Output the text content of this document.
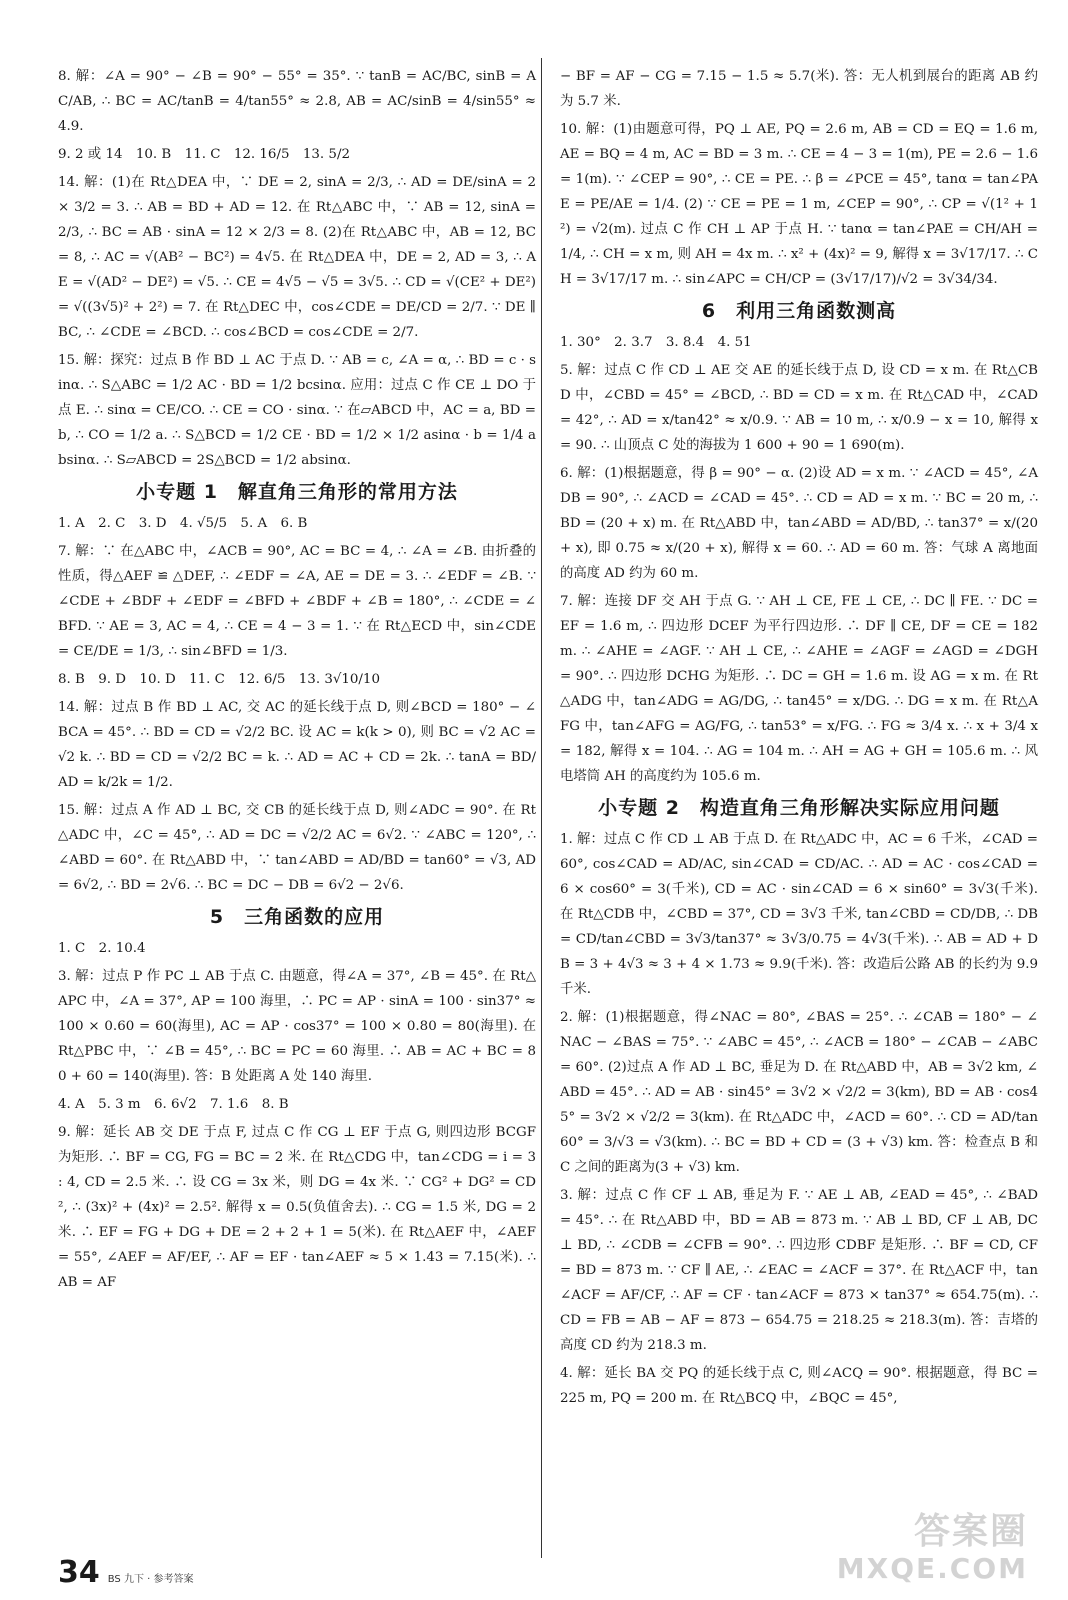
8. 解：∠A = 90° − ∠B = 90° − 55° = 35°. ∵ tanB = AC/BC, sinB = AC/AB, ∴ BC = AC/tanB = 4/tan55° ≈ 2.8, AB = AC/sinB = 4/sin55° ≈ 4.9.

9. 2 或 14　10. B　11. C　12. 16/5　13. 5/2

14. 解：(1)在 Rt△DEA 中，∵ DE = 2, sinA = 2/3, ∴ AD = DE/sinA = 2 × 3/2 = 3. ∴ AB = BD + AD = 12. 在 Rt△ABC 中，∵ AB = 12, sinA = 2/3, ∴ BC = AB · sinA = 12 × 2/3 = 8. (2)在 Rt△ABC 中，AB = 12, BC = 8, ∴ AC = √(AB² − BC²) = 4√5. 在 Rt△DEA 中，DE = 2, AD = 3, ∴ AE = √(AD² − DE²) = √5. ∴ CE = 4√5 − √5 = 3√5. ∴ CD = √(CE² + DE²) = √((3√5)² + 2²) = 7. 在 Rt△DEC 中，cos∠CDE = DE/CD = 2/7. ∵ DE ∥ BC, ∴ ∠CDE = ∠BCD. ∴ cos∠BCD = cos∠CDE = 2/7.

15. 解：探究：过点 B 作 BD ⊥ AC 于点 D. ∵ AB = c, ∠A = α, ∴ BD = c · sinα. ∴ S△ABC = 1/2 AC · BD = 1/2 bcsinα. 应用：过点 C 作 CE ⊥ DO 于点 E. ∴ sinα = CE/CO. ∴ CE = CO · sinα. ∵ 在▱ABCD 中，AC = a, BD = b, ∴ CO = 1/2 a. ∴ S△BCD = 1/2 CE · BD = 1/2 × 1/2 asinα · b = 1/4 absinα. ∴ S▱ABCD = 2S△BCD = 1/2 absinα.

小专题 1　解直角三角形的常用方法

1. A　2. C　3. D　4. √5/5　5. A　6. B

7. 解：∵ 在△ABC 中，∠ACB = 90°, AC = BC = 4, ∴ ∠A = ∠B. 由折叠的性质，得△AEF ≌ △DEF, ∴ ∠EDF = ∠A, AE = DE = 3. ∴ ∠EDF = ∠B. ∵ ∠CDE + ∠BDF + ∠EDF = ∠BFD + ∠BDF + ∠B = 180°, ∴ ∠CDE = ∠BFD. ∵ AE = 3, AC = 4, ∴ CE = 4 − 3 = 1. ∵ 在 Rt△ECD 中，sin∠CDE = CE/DE = 1/3, ∴ sin∠BFD = 1/3.

8. B　9. D　10. D　11. C　12. 6/5　13. 3√10/10

14. 解：过点 B 作 BD ⊥ AC, 交 AC 的延长线于点 D, 则∠BCD = 180° − ∠BCA = 45°. ∴ BD = CD = √2/2 BC. 设 AC = k(k > 0), 则 BC = √2 AC = √2 k. ∴ BD = CD = √2/2 BC = k. ∴ AD = AC + CD = 2k. ∴ tanA = BD/AD = k/2k = 1/2.

15. 解：过点 A 作 AD ⊥ BC, 交 CB 的延长线于点 D, 则∠ADC = 90°. 在 Rt△ADC 中，∠C = 45°, ∴ AD = DC = √2/2 AC = 6√2. ∵ ∠ABC = 120°, ∴ ∠ABD = 60°. 在 Rt△ABD 中，∵ tan∠ABD = AD/BD = tan60° = √3, AD = 6√2, ∴ BD = 2√6. ∴ BC = DC − DB = 6√2 − 2√6.

5　三角函数的应用

1. C　2. 10.4

3. 解：过点 P 作 PC ⊥ AB 于点 C. 由题意，得∠A = 37°, ∠B = 45°. 在 Rt△APC 中，∠A = 37°, AP = 100 海里，∴ PC = AP · sinA = 100 · sin37° ≈ 100 × 0.60 = 60(海里), AC = AP · cos37° = 100 × 0.80 = 80(海里). 在 Rt△PBC 中，∵ ∠B = 45°, ∴ BC = PC = 60 海里. ∴ AB = AC + BC = 80 + 60 = 140(海里). 答：B 处距离 A 处 140 海里.

4. A　5. 3 m　6. 6√2　7. 1.6　8. B

9. 解：延长 AB 交 DE 于点 F, 过点 C 作 CG ⊥ EF 于点 G, 则四边形 BCGF 为矩形. ∴ BF = CG, FG = BC = 2 米. 在 Rt△CDG 中，tan∠CDG = i = 3 : 4, CD = 2.5 米. ∴ 设 CG = 3x 米，则 DG = 4x 米. ∵ CG² + DG² = CD², ∴ (3x)² + (4x)² = 2.5². 解得 x = 0.5(负值舍去). ∴ CG = 1.5 米, DG = 2 米. ∴ EF = FG + DG + DE = 2 + 2 + 1 = 5(米). 在 Rt△AEF 中，∠AEF = 55°, ∠AEF = AF/EF, ∴ AF = EF · tan∠AEF ≈ 5 × 1.43 = 7.15(米). ∴ AB = AF

− BF = AF − CG = 7.15 − 1.5 ≈ 5.7(米). 答：无人机到展台的距离 AB 约为 5.7 米.

10. 解：(1)由题意可得，PQ ⊥ AE, PQ = 2.6 m, AB = CD = EQ = 1.6 m, AE = BQ = 4 m, AC = BD = 3 m. ∴ CE = 4 − 3 = 1(m), PE = 2.6 − 1.6 = 1(m). ∵ ∠CEP = 90°, ∴ CE = PE. ∴ β = ∠PCE = 45°, tanα = tan∠PAE = PE/AE = 1/4. (2) ∵ CE = PE = 1 m, ∠CEP = 90°, ∴ CP = √(1² + 1²) = √2(m). 过点 C 作 CH ⊥ AP 于点 H. ∵ tanα = tan∠PAE = CH/AH = 1/4, ∴ CH = x m, 则 AH = 4x m. ∴ x² + (4x)² = 9, 解得 x = 3√17/17. ∴ CH = 3√17/17 m. ∴ sin∠APC = CH/CP = (3√17/17)/√2 = 3√34/34.

6　利用三角函数测高

1. 30°　2. 3.7　3. 8.4　4. 51

5. 解：过点 C 作 CD ⊥ AE 交 AE 的延长线于点 D, 设 CD = x m. 在 Rt△CBD 中，∠CBD = 45° = ∠BCD, ∴ BD = CD = x m. 在 Rt△CAD 中，∠CAD = 42°, ∴ AD = x/tan42° ≈ x/0.9. ∵ AB = 10 m, ∴ x/0.9 − x = 10, 解得 x = 90. ∴ 山顶点 C 处的海拔为 1 600 + 90 = 1 690(m).

6. 解：(1)根据题意，得 β = 90° − α. (2)设 AD = x m. ∵ ∠ACD = 45°, ∠ADB = 90°, ∴ ∠ACD = ∠CAD = 45°. ∴ CD = AD = x m. ∵ BC = 20 m, ∴ BD = (20 + x) m. 在 Rt△ABD 中，tan∠ABD = AD/BD, ∴ tan37° = x/(20 + x), 即 0.75 ≈ x/(20 + x), 解得 x = 60. ∴ AD = 60 m. 答：气球 A 离地面的高度 AD 约为 60 m.

7. 解：连接 DF 交 AH 于点 G. ∵ AH ⊥ CE, FE ⊥ CE, ∴ DC ∥ FE. ∵ DC = EF = 1.6 m, ∴ 四边形 DCEF 为平行四边形. ∴ DF ∥ CE, DF = CE = 182 m. ∴ ∠AHE = ∠AGF. ∵ AH ⊥ CE, ∴ ∠AHE = ∠AGF = ∠AGD = ∠DGH = 90°. ∴ 四边形 DCHG 为矩形. ∴ DC = GH = 1.6 m. 设 AG = x m. 在 Rt△ADG 中，tan∠ADG = AG/DG, ∴ tan45° = x/DG. ∴ DG = x m. 在 Rt△AFG 中，tan∠AFG = AG/FG, ∴ tan53° = x/FG. ∴ FG ≈ 3/4 x. ∴ x + 3/4 x = 182, 解得 x = 104. ∴ AG = 104 m. ∴ AH = AG + GH = 105.6 m. ∴ 风电塔筒 AH 的高度约为 105.6 m.

小专题 2　构造直角三角形解决实际应用问题

1. 解：过点 C 作 CD ⊥ AB 于点 D. 在 Rt△ADC 中，AC = 6 千米，∠CAD = 60°, cos∠CAD = AD/AC, sin∠CAD = CD/AC. ∴ AD = AC · cos∠CAD = 6 × cos60° = 3(千米), CD = AC · sin∠CAD = 6 × sin60° = 3√3(千米). 在 Rt△CDB 中，∠CBD = 37°, CD = 3√3 千米, tan∠CBD = CD/DB, ∴ DB = CD/tan∠CBD = 3√3/tan37° ≈ 3√3/0.75 = 4√3(千米). ∴ AB = AD + DB = 3 + 4√3 ≈ 3 + 4 × 1.73 ≈ 9.9(千米). 答：改造后公路 AB 的长约为 9.9 千米.

2. 解：(1)根据题意，得∠NAC = 80°, ∠BAS = 25°. ∴ ∠CAB = 180° − ∠NAC − ∠BAS = 75°. ∵ ∠ABC = 45°, ∴ ∠ACB = 180° − ∠CAB − ∠ABC = 60°. (2)过点 A 作 AD ⊥ BC, 垂足为 D. 在 Rt△ABD 中，AB = 3√2 km, ∠ABD = 45°. ∴ AD = AB · sin45° = 3√2 × √2/2 = 3(km), BD = AB · cos45° = 3√2 × √2/2 = 3(km). 在 Rt△ADC 中，∠ACD = 60°. ∴ CD = AD/tan60° = 3/√3 = √3(km). ∴ BC = BD + CD = (3 + √3) km. 答：检查点 B 和 C 之间的距离为(3 + √3) km.

3. 解：过点 C 作 CF ⊥ AB, 垂足为 F. ∵ AE ⊥ AB, ∠EAD = 45°, ∴ ∠BAD = 45°. ∴ 在 Rt△ABD 中，BD = AB = 873 m. ∵ AB ⊥ BD, CF ⊥ AB, DC ⊥ BD, ∴ ∠CDB = ∠CFB = 90°. ∴ 四边形 CDBF 是矩形. ∴ BF = CD, CF = BD = 873 m. ∵ CF ∥ AE, ∴ ∠EAC = ∠ACF = 37°. 在 Rt△ACF 中，tan∠ACF = AF/CF, ∴ AF = CF · tan∠ACF = 873 × tan37° ≈ 654.75(m). ∴ CD = FB = AB − AF = 873 − 654.75 = 218.25 ≈ 218.3(m). 答：吉塔的高度 CD 约为 218.3 m.

4. 解：延长 BA 交 PQ 的延长线于点 C, 则∠ACQ = 90°. 根据题意，得 BC = 225 m, PQ = 200 m. 在 Rt△BCQ 中，∠BQC = 45°,

34 BS 九下 · 参考答案
答案圈
MXQE.COM
